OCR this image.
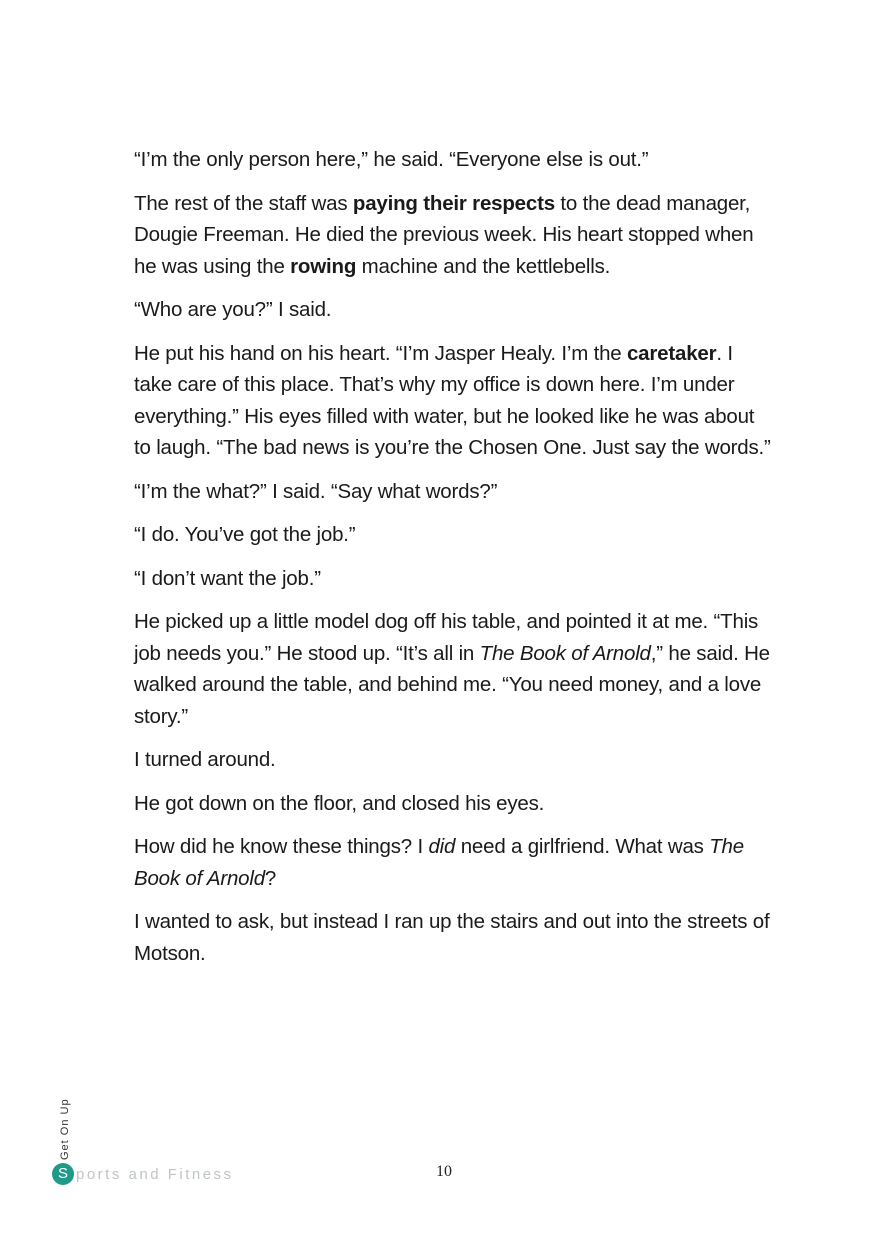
“I’m the only person here,” he said. “Everyone else is out.”

The rest of the staff was paying their respects to the dead manager, Dougie Freeman. He died the previous week. His heart stopped when he was using the rowing machine and the kettlebells.

“Who are you?” I said.

He put his hand on his heart. “I’m Jasper Healy. I’m the caretaker. I take care of this place. That’s why my office is down here. I’m under everything.” His eyes filled with water, but he looked like he was about to laugh. “The bad news is you’re the Chosen One. Just say the words.”

“I’m the what?” I said. “Say what words?”

“I do. You’ve got the job.”

“I don’t want the job.”

He picked up a little model dog off his table, and pointed it at me. “This job needs you.” He stood up. “It’s all in The Book of Arnold,” he said. He walked around the table, and behind me. “You need money, and a love story.”

I turned around.

He got down on the floor, and closed his eyes.

How did he know these things? I did need a girlfriend. What was The Book of Arnold?

I wanted to ask, but instead I ran up the stairs and out into the streets of Motson.

Get On Up
S ports and Fitness	10
